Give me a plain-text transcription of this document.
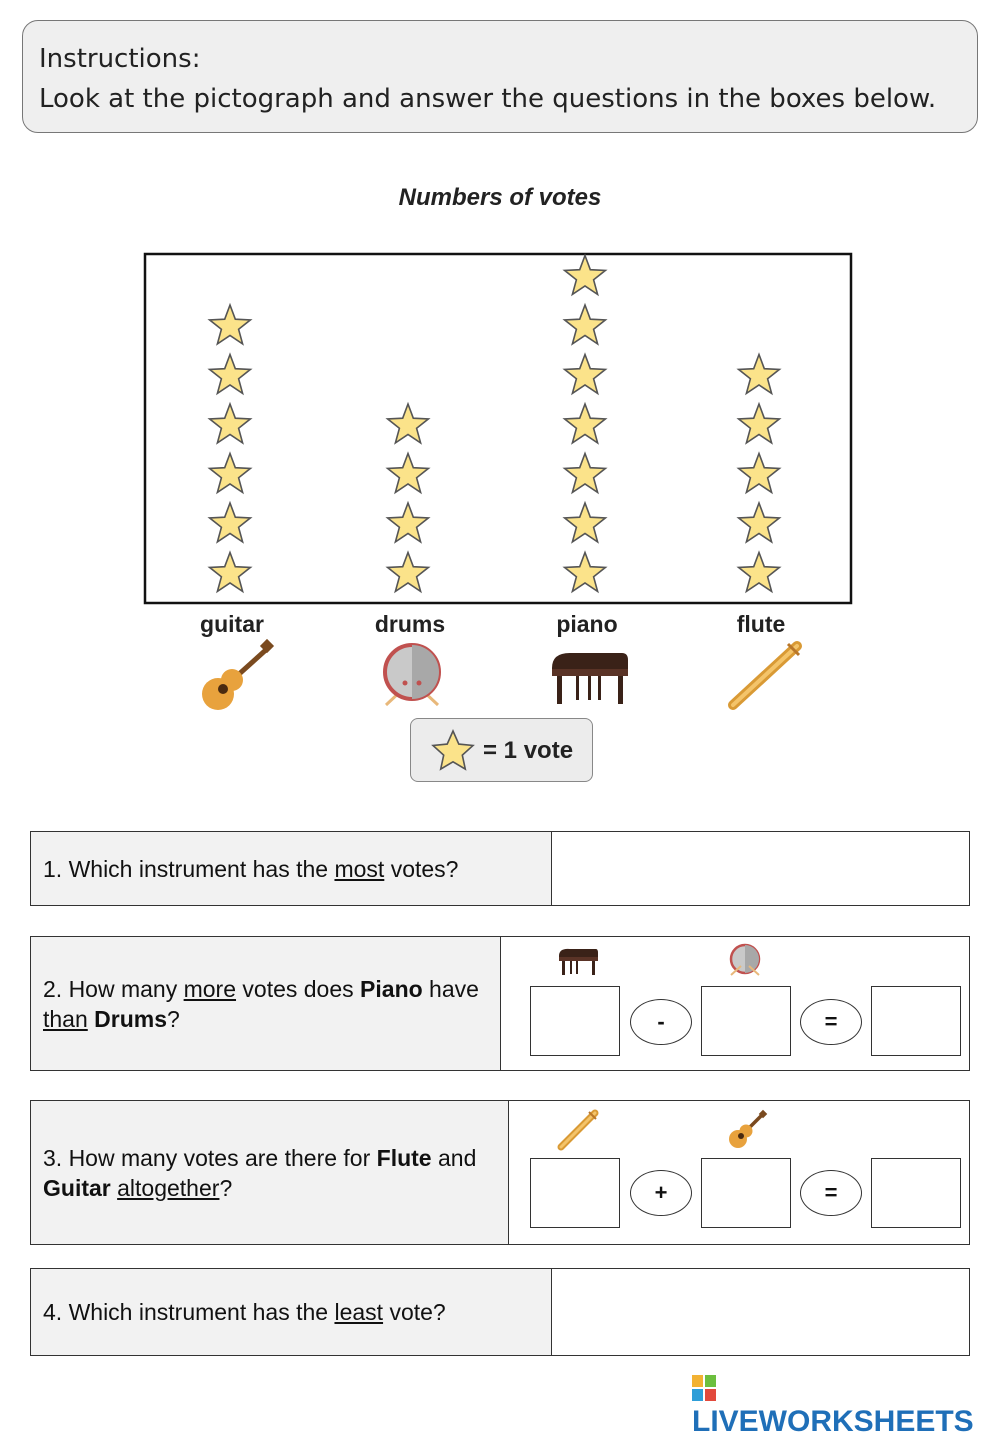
Instructions:
Look at the pictograph and answer the questions in the boxes below.
Numbers of votes
guitar	drums	piano	flute
= 1 vote
1. Which instrument has the most votes?
2. How many more votes does Piano have than Drums?	-	=
3. How many votes are there for Flute and Guitar altogether?	+	=
4. Which instrument has the least vote?
LIVEWORKSHEETS
